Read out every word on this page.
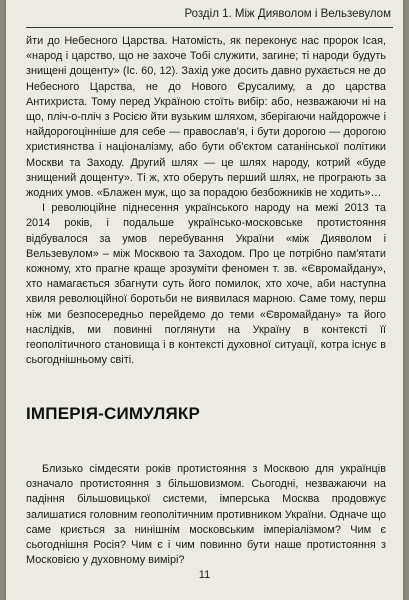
Розділ 1. Між Дияволом і Вельзевулом

йти до Небесного Царства. Натомість, як переконує нас пророк Ісая, «народ і царство, що не захоче Тобі служити, загине; ті народи будуть знищені дощенту» (Іс. 60, 12). Захід уже досить давно рухається не до Небесного Царства, не до Нового Єрусалиму, а до царства Антихриста. Тому перед Україною стоїть вибір: або, незважаючи ні на що, пліч-о-пліч з Росією йти вузьким шляхом, зберігаючи найдорожче і найдорогоцінніше для себе — православ'я, і бути дорогою — дорогою християнства і націоналізму, або бути об'єктом сатанінської політики Москви та Заходу. Другий шлях — це шлях народу, котрий «буде знищений дощенту». Ті ж, хто оберуть перший шлях, не програють за жодних умов. «Блажен муж, що за порадою безбожників не ходить»…

І революційне піднесення українського народу на межі 2013 та 2014 років, і подальше українсько-московське протистояння відбувалося за умов перебування України «між Дияволом і Вельзевулом» – між Москвою та Заходом. Про це потрібно пам'ятати кожному, хто прагне краще зрозуміти феномен т. зв. «Євромайдану», хто намагається збагнути суть його помилок, хто хоче, аби наступна хвиля революційної боротьби не виявилася марною. Саме тому, перш ніж ми безпосередньо перейдемо до теми «Євромайдану» та його наслідків, ми повинні поглянути на Україну в контексті її геополітичного становища і в контексті духовної ситуації, котра існує в сьогоднішньому світі.

ІМПЕРІЯ-СИМУЛЯКР

Близько сімдесяти років протистояння з Москвою для українців означало протистояння з більшовизмом. Сьогодні, незважаючи на падіння більшовицької системи, імперська Москва продовжує залишатися головним геополітичним противником України. Одначе що саме криється за нинішнім московським імперіалізмом? Чим є сьогоднішня Росія? Чим є і чим повинно бути наше протистояння з Московією у духовному вимірі?

11
